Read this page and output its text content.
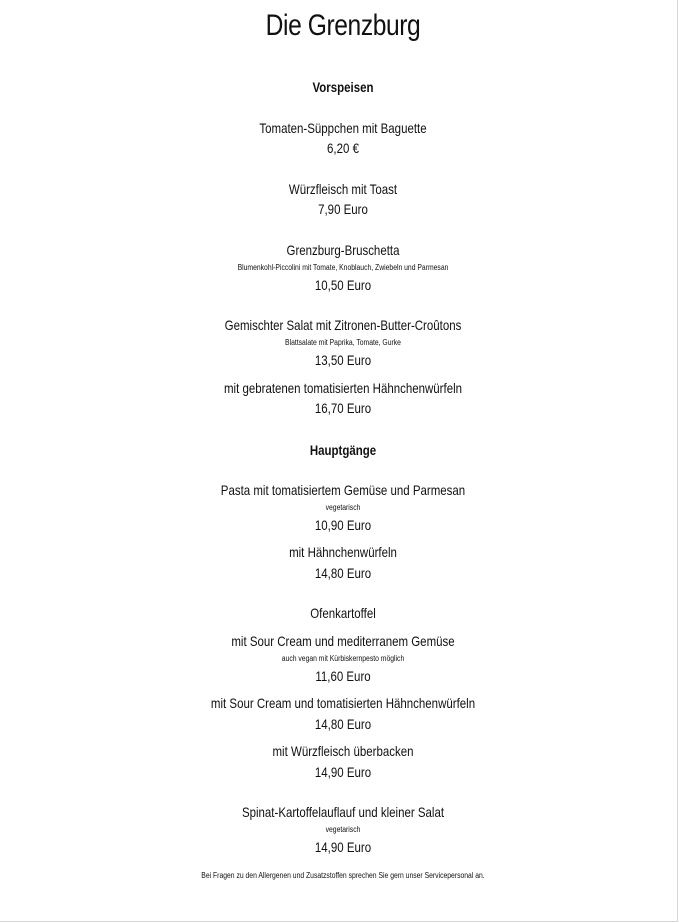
Die Grenzburg
Vorspeisen
Tomaten-Süppchen mit Baguette
6,20 €
Würzfleisch mit Toast
7,90 Euro
Grenzburg-Bruschetta
Blumenkohl-Piccolini mit Tomate, Knoblauch, Zwiebeln und Parmesan
10,50 Euro
Gemischter Salat mit Zitronen-Butter-Croûtons
Blattsalate mit Paprika, Tomate, Gurke
13,50 Euro
mit gebratenen tomatisierten Hähnchenwürfeln
16,70 Euro
Hauptgänge
Pasta mit tomatisiertem Gemüse und Parmesan
vegetarisch
10,90 Euro
mit Hähnchenwürfeln
14,80 Euro
Ofenkartoffel
mit Sour Cream und mediterranem Gemüse
auch vegan mit Kürbiskernpesto möglich
11,60 Euro
mit Sour Cream und tomatisierten Hähnchenwürfeln
14,80 Euro
mit Würzfleisch überbacken
14,90 Euro
Spinat-Kartoffelauflauf und kleiner Salat
vegetarisch
14,90 Euro
Bei Fragen zu den Allergenen und Zusatzstoffen sprechen Sie gern unser Servicepersonal an.
